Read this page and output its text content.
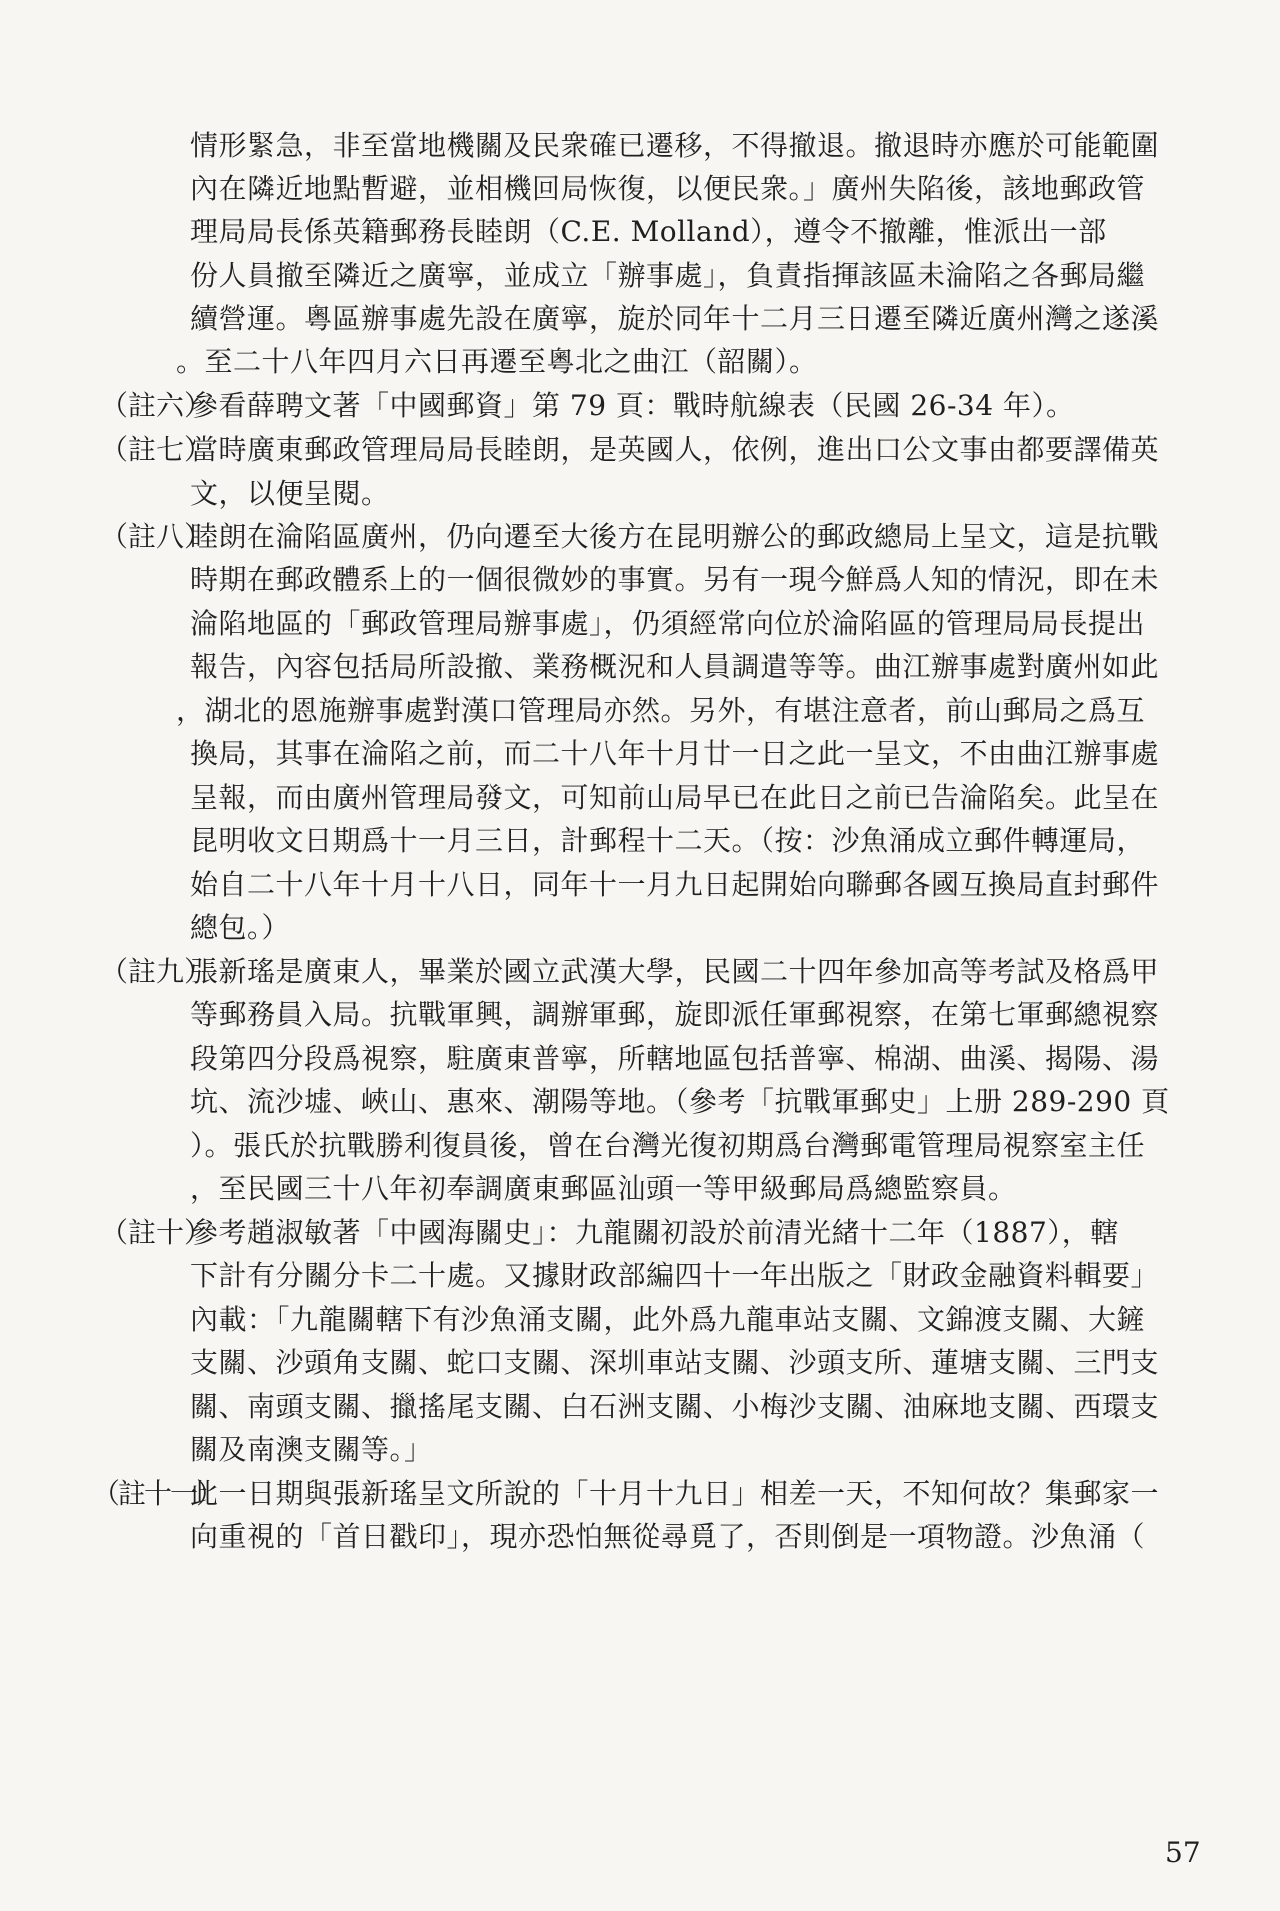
情形緊急，非至當地機關及民衆確已遷移，不得撤退。撤退時亦應於可能範圍
內在隣近地點暫避，並相機回局恢復，以便民衆。」廣州失陷後，該地郵政管
理局局長係英籍郵務長睦朗（C.E. Molland），遵令不撤離，惟派出一部
份人員撤至隣近之廣寧，並成立「辦事處」，負責指揮該區未淪陷之各郵局繼
續營運。粵區辦事處先設在廣寧，旋於同年十二月三日遷至隣近廣州灣之遂溪
。至二十八年四月六日再遷至粵北之曲江（韶關）。
（註六）
參看薛聘文著「中國郵資」第 79 頁：戰時航線表（民國 26-34 年）。
（註七）
當時廣東郵政管理局局長睦朗，是英國人，依例，進出口公文事由都要譯備英
文，以便呈閱。
（註八）
睦朗在淪陷區廣州，仍向遷至大後方在昆明辦公的郵政總局上呈文，這是抗戰
時期在郵政體系上的一個很微妙的事實。另有一現今鮮爲人知的情況，即在未
淪陷地區的「郵政管理局辦事處」，仍須經常向位於淪陷區的管理局局長提出
報告，內容包括局所設撤、業務概況和人員調遣等等。曲江辦事處對廣州如此
，湖北的恩施辦事處對漢口管理局亦然。另外，有堪注意者，前山郵局之爲互
換局，其事在淪陷之前，而二十八年十月廿一日之此一呈文，不由曲江辦事處
呈報，而由廣州管理局發文，可知前山局早已在此日之前已告淪陷矣。此呈在
昆明收文日期爲十一月三日，計郵程十二天。（按：沙魚涌成立郵件轉運局，
始自二十八年十月十八日，同年十一月九日起開始向聯郵各國互換局直封郵件
總包。）
（註九）
張新瑤是廣東人，畢業於國立武漢大學，民國二十四年參加高等考試及格爲甲
等郵務員入局。抗戰軍興，調辦軍郵，旋即派任軍郵視察，在第七軍郵總視察
段第四分段爲視察，駐廣東普寧，所轄地區包括普寧、棉湖、曲溪、揭陽、湯
坑、流沙墟、峽山、惠來、潮陽等地。（參考「抗戰軍郵史」上册 289-290 頁
）。張氏於抗戰勝利復員後，曾在台灣光復初期爲台灣郵電管理局視察室主任
，至民國三十八年初奉調廣東郵區汕頭一等甲級郵局爲總監察員。
（註十）
參考趙淑敏著「中國海關史」：九龍關初設於前清光緒十二年（1887），轄
下計有分關分卡二十處。又據財政部編四十一年出版之「財政金融資料輯要」
內載：「九龍關轄下有沙魚涌支關，此外爲九龍車站支關、文錦渡支關、大鏟
支關、沙頭角支關、蛇口支關、深圳車站支關、沙頭支所、蓮塘支關、三門支
關、南頭支關、擸搖尾支關、白石洲支關、小梅沙支關、油麻地支關、西環支
關及南澳支關等。」
（註十一）
此一日期與張新瑤呈文所說的「十月十九日」相差一天，不知何故？集郵家一
向重視的「首日戳印」，現亦恐怕無從尋覓了，否則倒是一項物證。沙魚涌（
57
